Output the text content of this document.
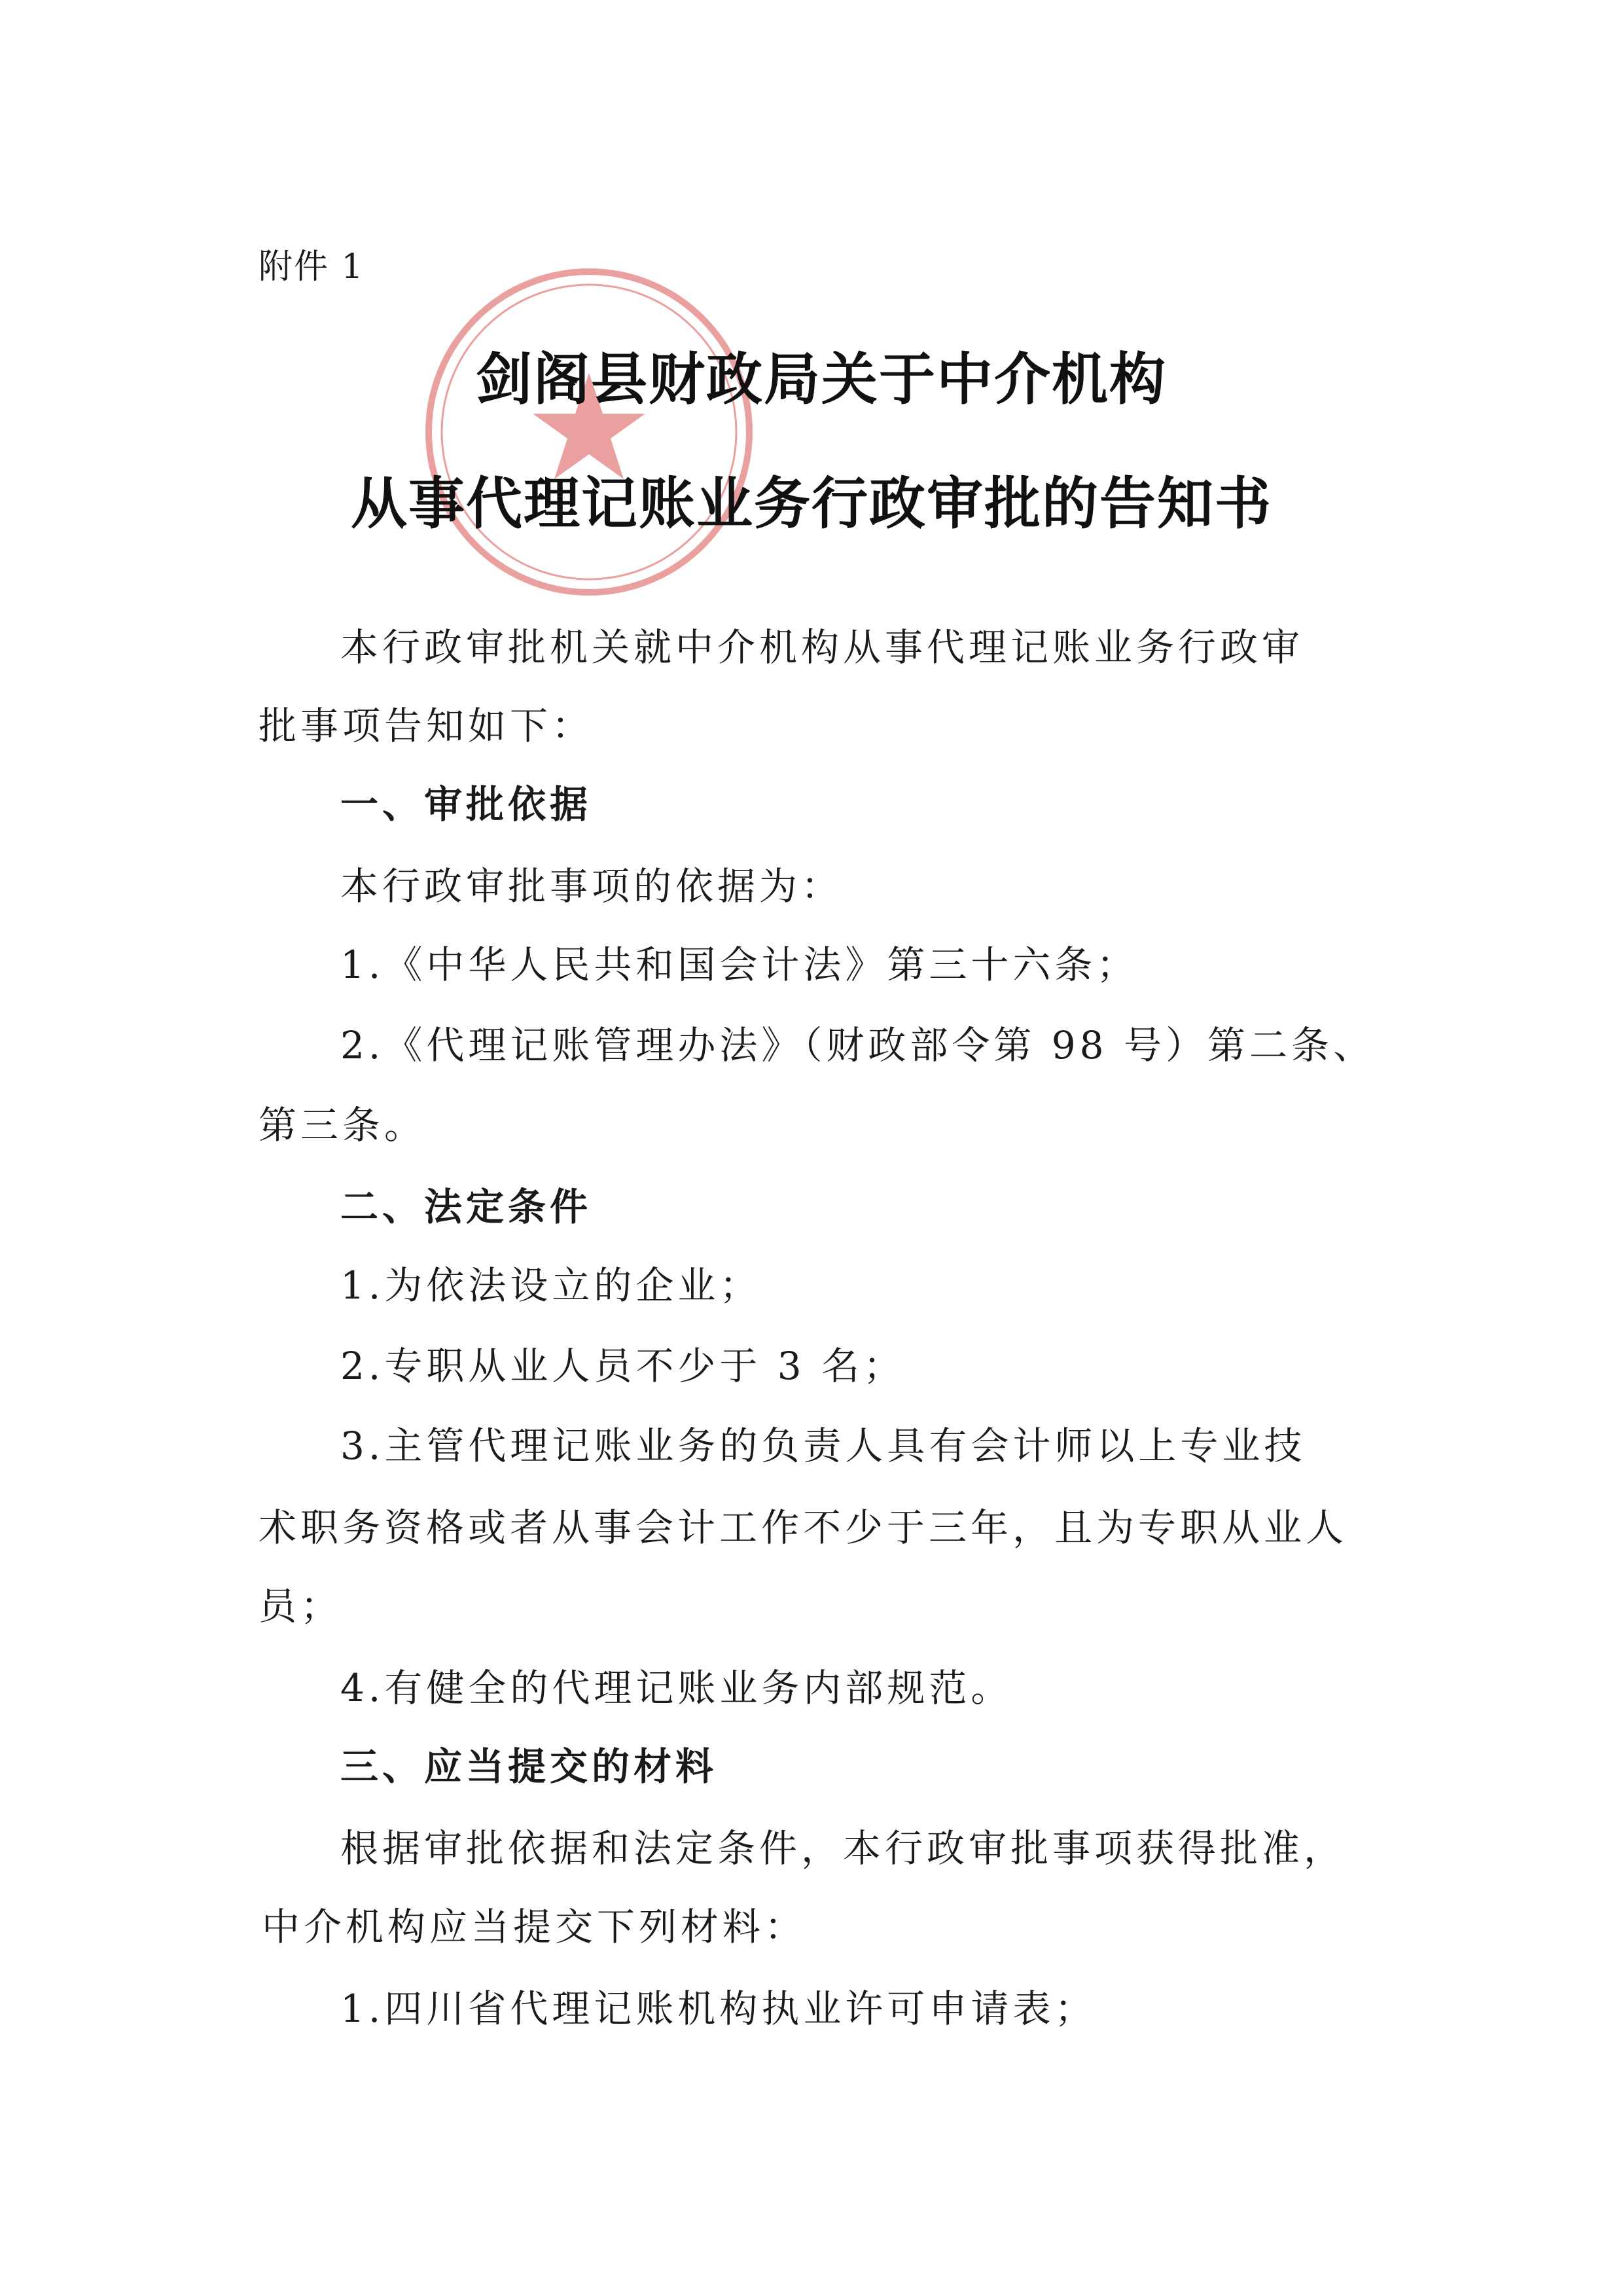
附件 1
剑阁县财政局关于中介机构
从事代理记账业务行政审批的告知书
本行政审批机关就中介机构从事代理记账业务行政审
批事项告知如下：
一、审批依据
本行政审批事项的依据为：
1.《中华人民共和国会计法》第三十六条；
2.《代理记账管理办法》（财政部令第 98 号）第二条、
第三条。
二、法定条件
1.为依法设立的企业；
2.专职从业人员不少于 3 名；
3.主管代理记账业务的负责人具有会计师以上专业技
术职务资格或者从事会计工作不少于三年，且为专职从业人
员；
4.有健全的代理记账业务内部规范。
三、应当提交的材料
根据审批依据和法定条件，本行政审批事项获得批准，
中介机构应当提交下列材料：
1.四川省代理记账机构执业许可申请表；
